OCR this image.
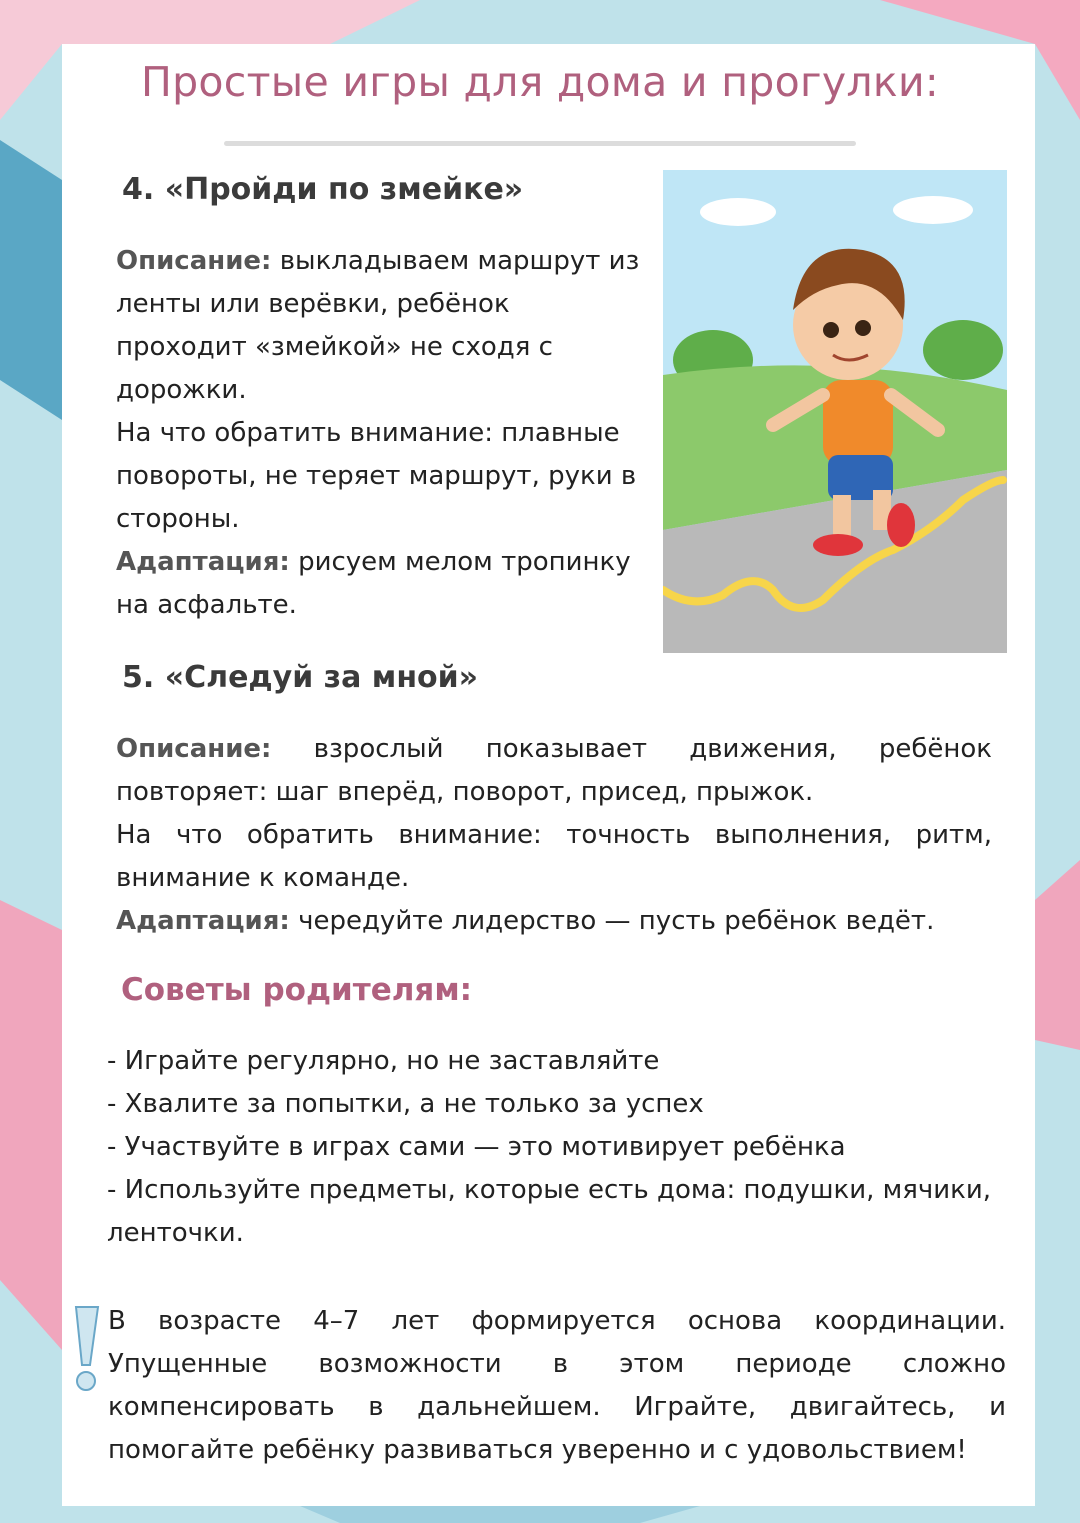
Простые игры для дома и прогулки:
4. «Пройди по змейке»

Описание: выкладываем маршрут из ленты или верёвки, ребёнок проходит «змейкой» не сходя с дорожки.

На что обратить внимание: плавные повороты, не теряет маршрут, руки в стороны.

Адаптация: рисуем мелом тропинку на асфальте.

5. «Следуй за мной»

Описание: взрослый показывает движения, ребёнок повторяет: шаг вперёд, поворот, присед, прыжок.

На что обратить внимание: точность выполнения, ритм, внимание к команде.

Адаптация: чередуйте лидерство — пусть ребёнок ведёт.

Советы родителям:
- Играйте регулярно, но не заставляйте
- Хвалите за попытки, а не только за успех
- Участвуйте в играх сами — это мотивирует ребёнка
- Используйте предметы, которые есть дома: подушки, мячики, ленточки.

В возрасте 4–7 лет формируется основа координации. Упущенные возможности в этом периоде сложно компенсировать в дальнейшем. Играйте, двигайтесь, и помогайте ребёнку развиваться уверенно и с удовольствием!
